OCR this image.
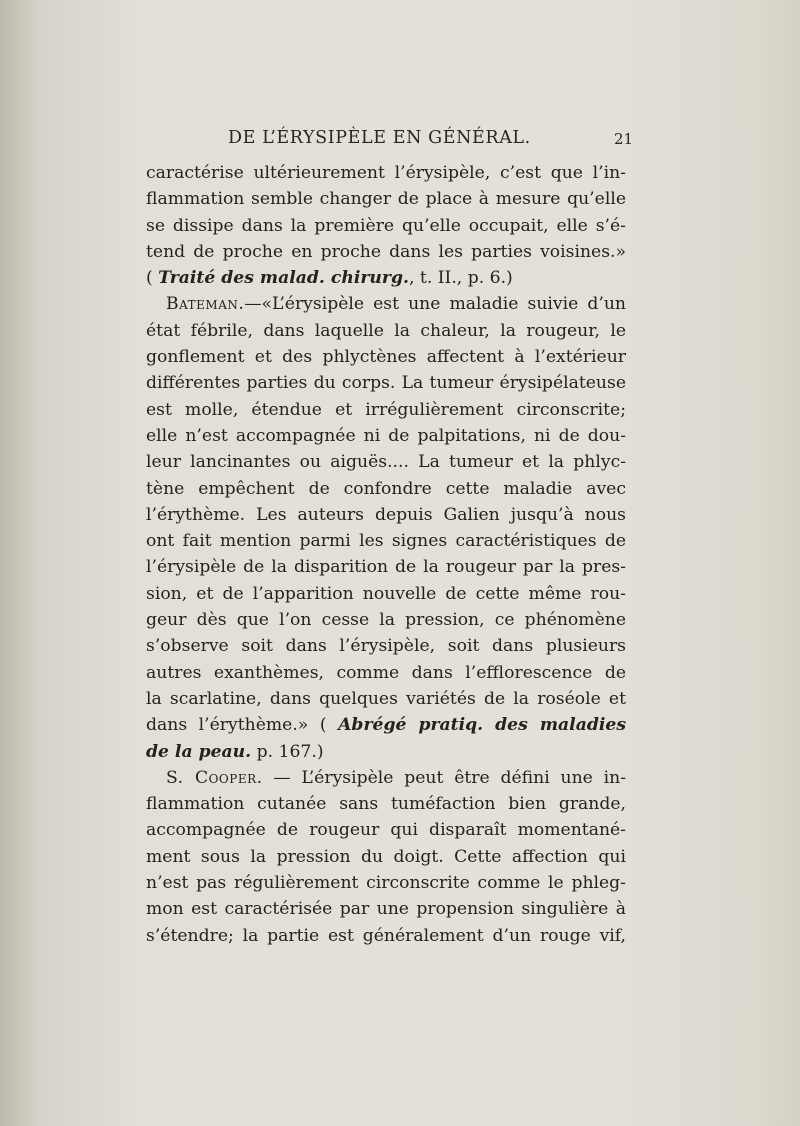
DE L’ÉRYSIPÈLE EN GÉNÉRAL.	21
caractérise ultérieurement l’érysipèle, c’est que l’in-
flammation semble changer de place à mesure qu’elle
se dissipe dans la première qu’elle occupait, elle s’é-
tend de proche en proche dans les parties voisines.»
( Traité des malad. chirurg., t. II., p. 6.)
Bateman.—«L’érysipèle est une maladie suivie d’un
état fébrile, dans laquelle la chaleur, la rougeur, le
gonflement et des phlyctènes affectent à l’extérieur
différentes parties du corps. La tumeur érysipélateuse
est molle, étendue et irrégulièrement circonscrite;
elle n’est accompagnée ni de palpitations, ni de dou-
leur lancinantes ou aiguës.... La tumeur et la phlyc-
tène empêchent de confondre cette maladie avec
l’érythème. Les auteurs depuis Galien jusqu’à nous
ont fait mention parmi les signes caractéristiques de
l’érysipèle de la disparition de la rougeur par la pres-
sion, et de l’apparition nouvelle de cette même rou-
geur dès que l’on cesse la pression, ce phénomène
s’observe soit dans l’érysipèle, soit dans plusieurs
autres exanthèmes, comme dans l’efflorescence de
la scarlatine, dans quelques variétés de la roséole et
dans l’érythème.» ( Abrégé pratiq. des maladies
de la peau. p. 167.)
S. Cooper. — L’érysipèle peut être défini une in-
flammation cutanée sans tuméfaction bien grande,
accompagnée de rougeur qui disparaît momentané-
ment sous la pression du doigt. Cette affection qui
n’est pas régulièrement circonscrite comme le phleg-
mon est caractérisée par une propension singulière à
s’étendre; la partie est généralement d’un rouge vif,
